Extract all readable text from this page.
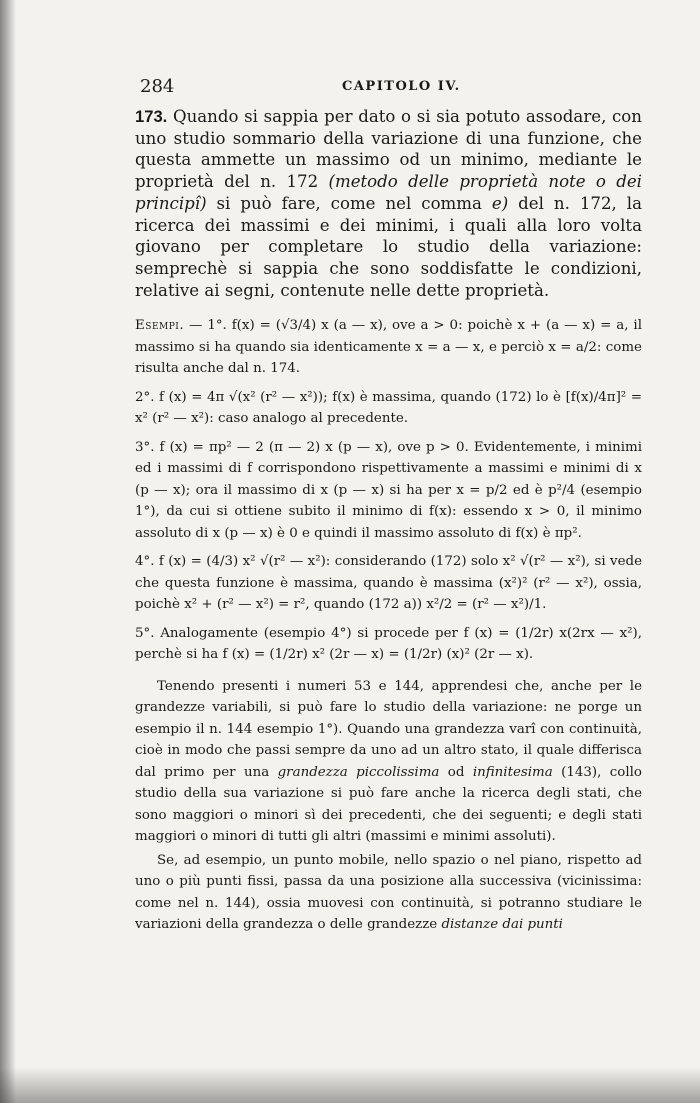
284	CAPITOLO IV.

173. Quando si sappia per dato o si sia potuto assodare, con uno studio sommario della variazione di una funzione, che questa ammette un massimo od un minimo, mediante le proprietà del n. 172 (metodo delle proprietà note o dei principî) si può fare, come nel comma e) del n. 172, la ricerca dei massimi e dei minimi, i quali alla loro volta giovano per completare lo studio della variazione: semprechè si sappia che sono soddisfatte le condizioni, relative ai segni, contenute nelle dette proprietà.

Esempi. — 1°. f(x) = (√3/4) x (a — x), ove a > 0: poichè x + (a — x) = a, il massimo si ha quando sia identicamente x = a — x, e perciò x = a/2: come risulta anche dal n. 174.

2°. f (x) = 4π √(x² (r² — x²)); f(x) è massima, quando (172) lo è [f(x)/4π]² = x² (r² — x²): caso analogo al precedente.

3°. f (x) = πp² — 2 (π — 2) x (p — x), ove p > 0. Evidentemente, i minimi ed i massimi di f corrispondono rispettivamente a massimi e minimi di x (p — x); ora il massimo di x (p — x) si ha per x = p/2 ed è p²/4 (esempio 1°), da cui si ottiene subito il minimo di f(x): essendo x > 0, il minimo assoluto di x (p — x) è 0 e quindi il massimo assoluto di f(x) è πp².

4°. f (x) = (4/3) x² √(r² — x²): considerando (172) solo x² √(r² — x²), si vede che questa funzione è massima, quando è massima (x²)² (r² — x²), ossia, poichè x² + (r² — x²) = r², quando (172 a)) x²/2 = (r² — x²)/1.

5°. Analogamente (esempio 4°) si procede per f (x) = (1/2r) x(2rx — x²), perchè si ha f (x) = (1/2r) x² (2r — x) = (1/2r) (x)² (2r — x).

Tenendo presenti i numeri 53 e 144, apprendesi che, anche per le grandezze variabili, si può fare lo studio della variazione: ne porge un esempio il n. 144 esempio 1°). Quando una grandezza varî con continuità, cioè in modo che passi sempre da uno ad un altro stato, il quale differisca dal primo per una grandezza piccolissima od infinitesima (143), collo studio della sua variazione si può fare anche la ricerca degli stati, che sono maggiori o minori sì dei precedenti, che dei seguenti; e degli stati maggiori o minori di tutti gli altri (massimi e minimi assoluti).

Se, ad esempio, un punto mobile, nello spazio o nel piano, rispetto ad uno o più punti fissi, passa da una posizione alla successiva (vicinissima: come nel n. 144), ossia muovesi con continuità, si potranno studiare le variazioni della grandezza o delle grandezze distanze dai punti
